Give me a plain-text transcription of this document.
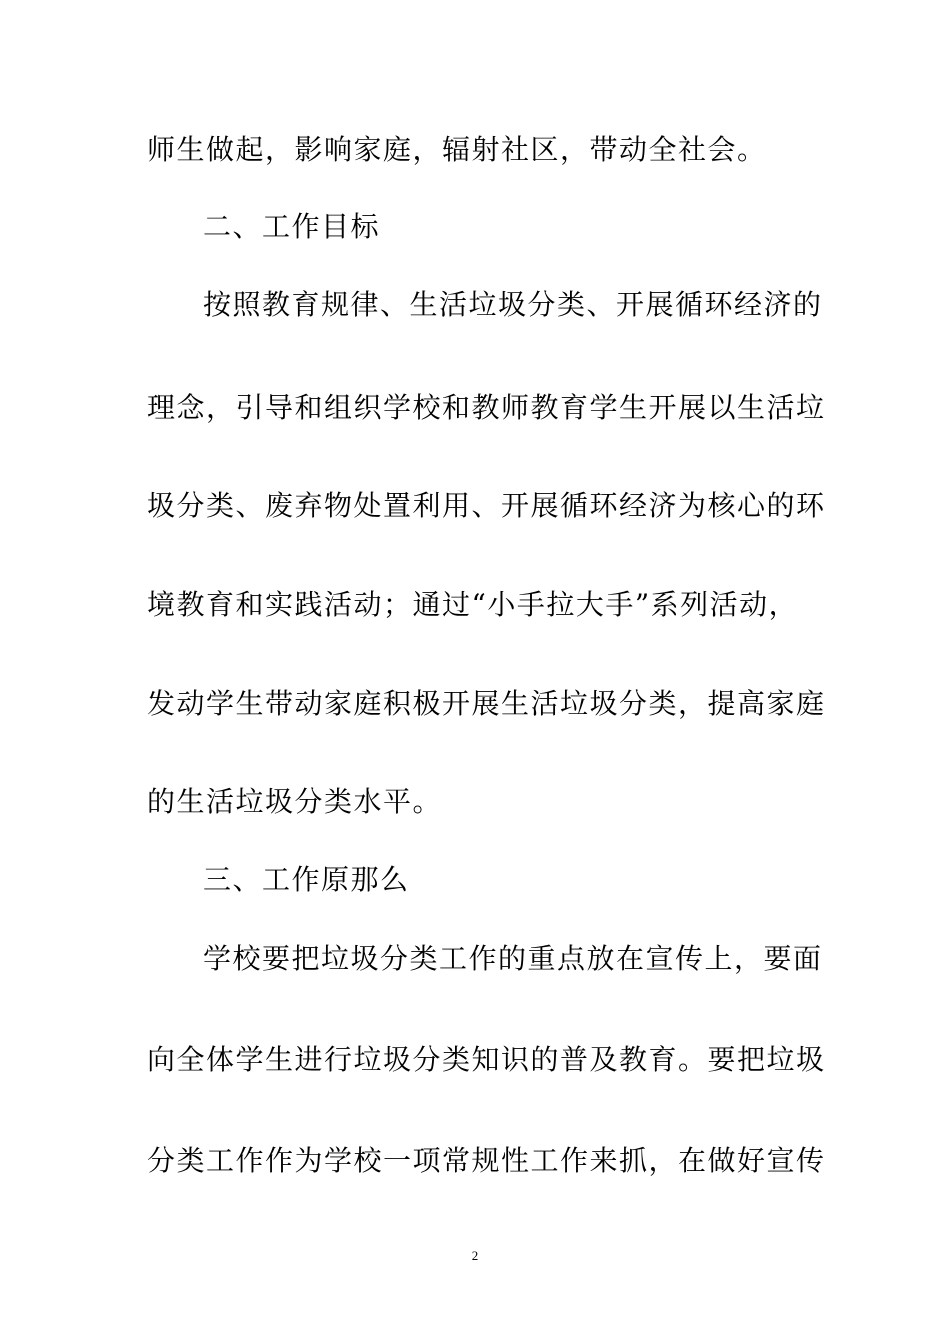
师生做起，影响家庭，辐射社区，带动全社会。
二、工作目标
按照教育规律、生活垃圾分类、开展循环经济的
理念，引导和组织学校和教师教育学生开展以生活垃
圾分类、废弃物处置利用、开展循环经济为核心的环
境教育和实践活动；通过“小手拉大手”系列活动，
发动学生带动家庭积极开展生活垃圾分类，提高家庭
的生活垃圾分类水平。
三、工作原那么
学校要把垃圾分类工作的重点放在宣传上，要面
向全体学生进行垃圾分类知识的普及教育。要把垃圾
分类工作作为学校一项常规性工作来抓，在做好宣传
2
